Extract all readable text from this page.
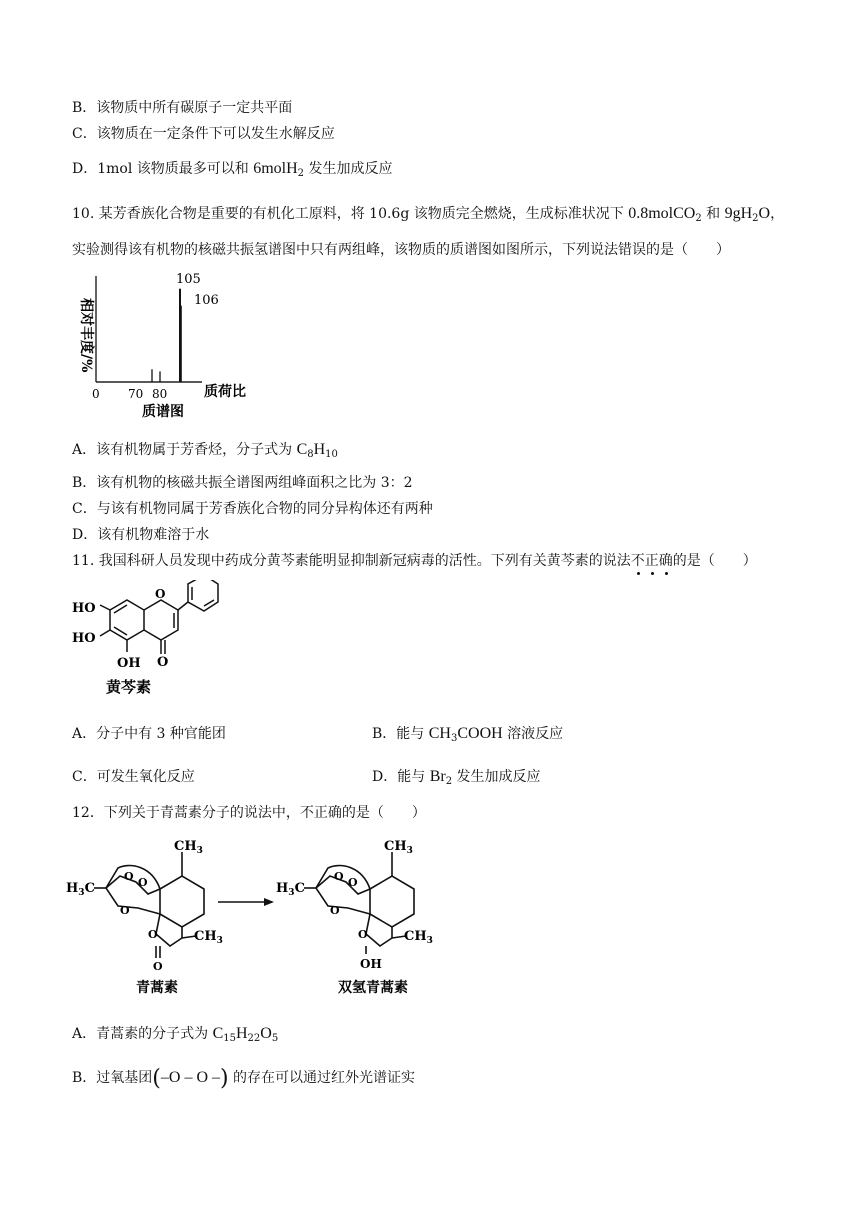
B．该物质中所有碳原子一定共平面
C．该物质在一定条件下可以发生水解反应
D．1mol 该物质最多可以和 6molH$_2$ 发生加成反应
10. 某芳香族化合物是重要的有机化工原料，将 10.6g 该物质完全燃烧，生成标准状况下 0.8molCO$_2$ 和 $9gH_2O$，
实验测得该有机物的核磁共振氢谱图中只有两组峰，该物质的质谱图如图所示，下列说法错误的是（　　）
相对丰度/%
0 70 80	质荷比
质谱图
105
106
A．该有机物属于芳香烃，分子式为 $C_8H_{10}$
B．该有机物的核磁共振全谱图两组峰面积之比为 3：2
C．与该有机物同属于芳香族化合物的同分异构体还有两种
D．该有机物难溶于水
11. 我国科研人员发现中药成分黄芩素能明显抑制新冠病毒的活性。下列有关黄芩素的说法不正确的是（　　）
HO
HO
OH O
O
黄芩素
A．分子中有 3 种官能团	B．能与 $CH_3COOH$ 溶液反应
C．可发生氧化反应	D．能与 $Br_2$ 发生加成反应
12．下列关于青蒿素分子的说法中，不正确的是（　　）
$CH_3$
$H_3C$
$CH_3$
O O
O
O
O
青蒿素
$CH_3$
$H_3C$
$CH_3$
OH
O O
O
O
双氢青蒿素
A．青蒿素的分子式为 $C_{15}H_{22}O_5$
B．过氧基团(–O – O –) 的存在可以通过红外光谱证实
